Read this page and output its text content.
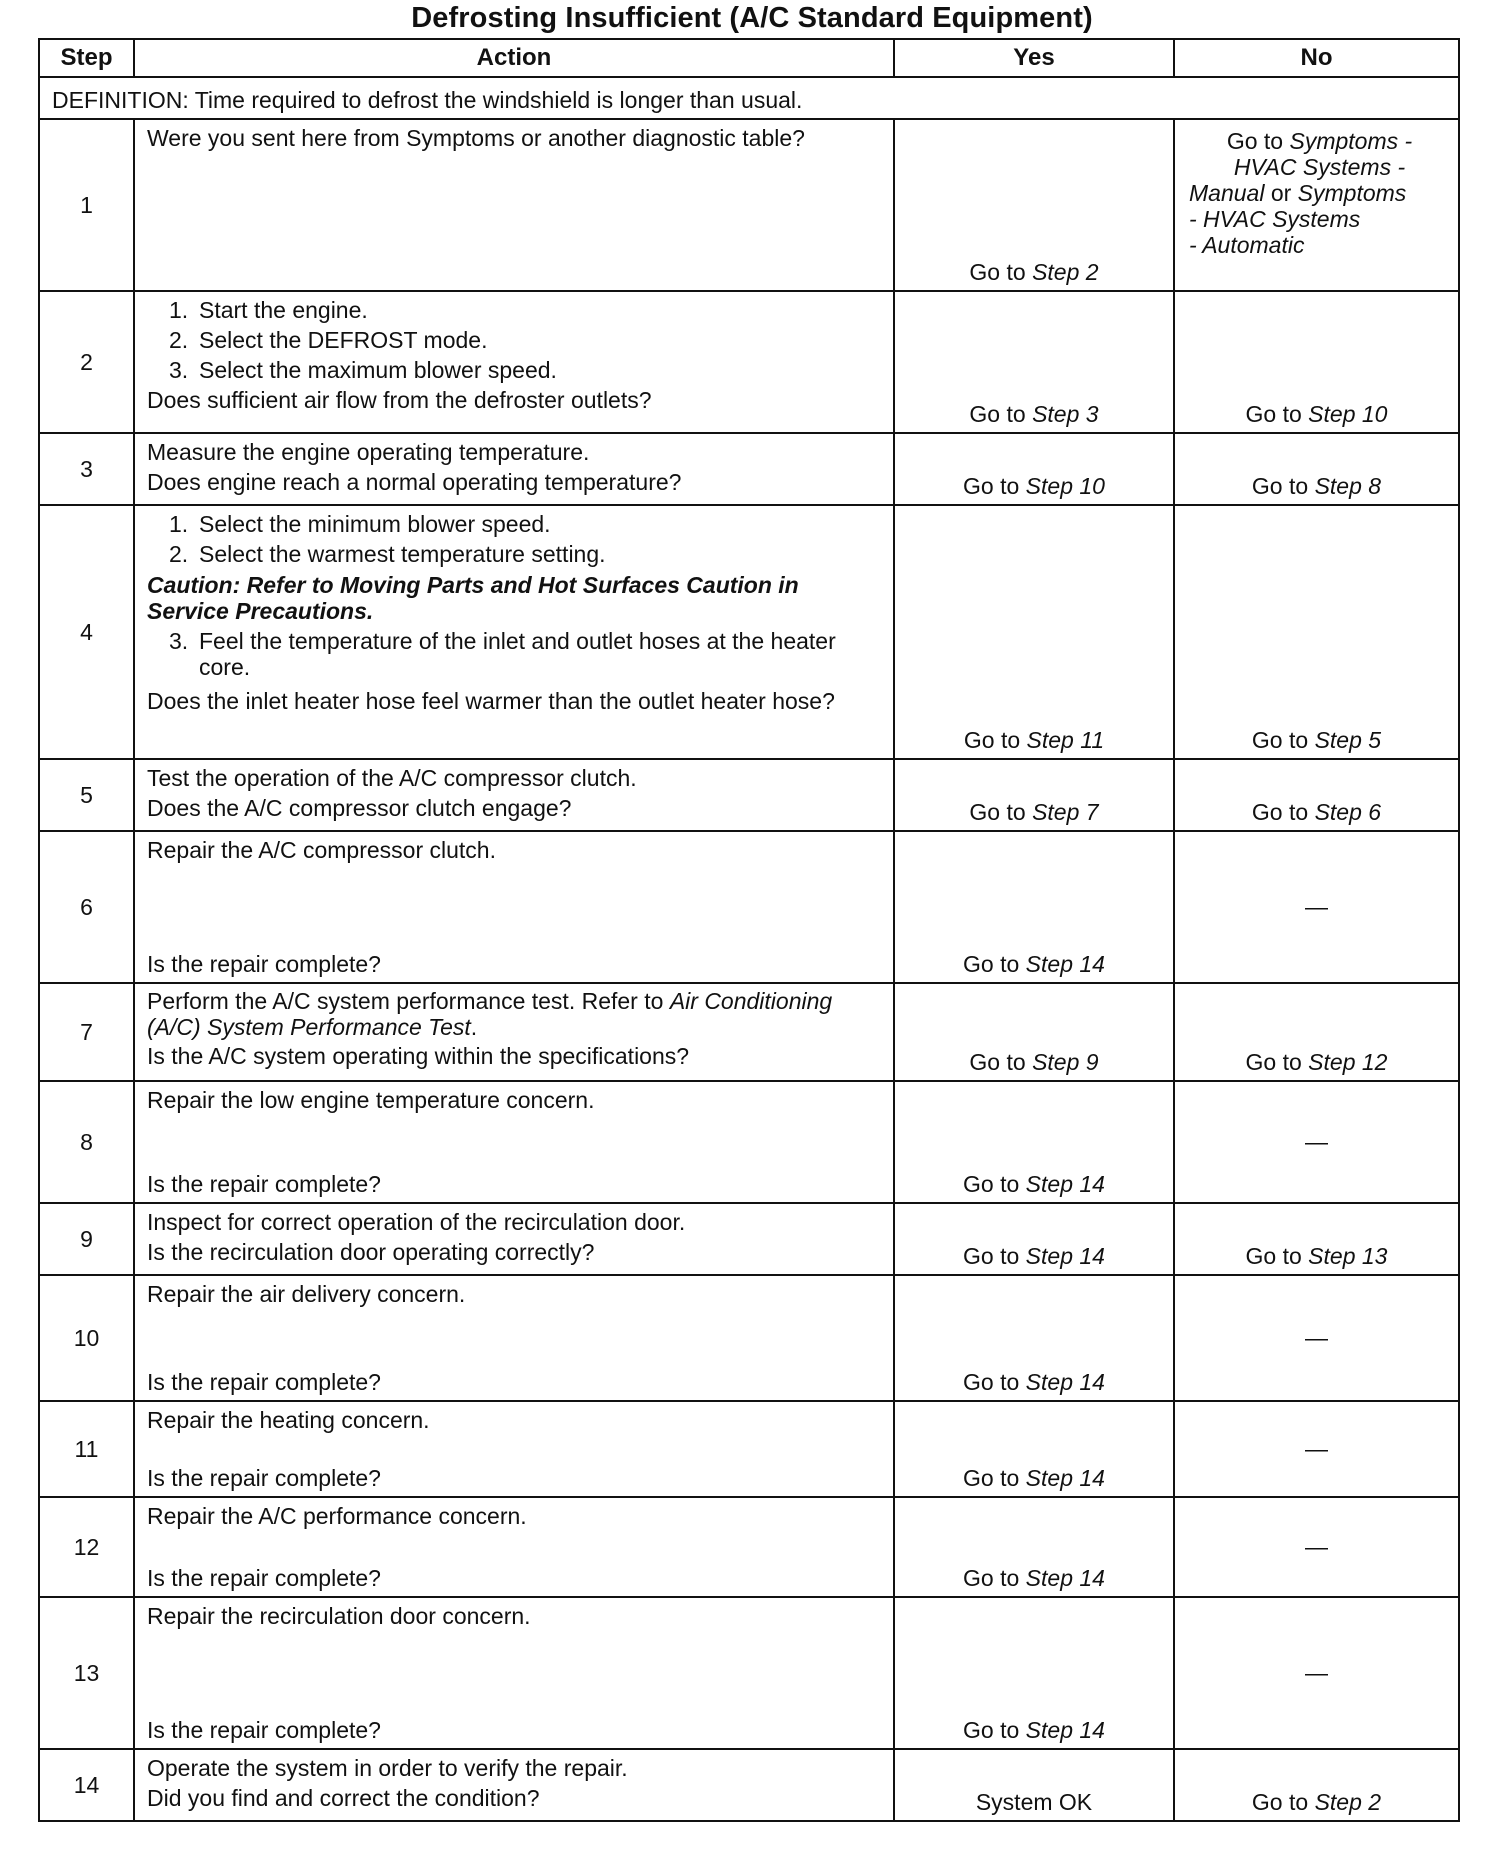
Defrosting Insufficient (A/C Standard Equipment)
Step	Action	Yes	No
DEFINITION: Time required to defrost the windshield is longer than usual.			
1	Were you sent here from Symptoms or another diagnostic table?	Go to Step 2	Go to Symptoms -
HVAC Systems -
Manual or Symptoms
- HVAC Systems
- Automatic

2	1. Start the engine.
2. Select the DEFROST mode.
3. Select the maximum blower speed.
Does sufficient air flow from the defroster outlets?	Go to Step 3	Go to Step 10

3	Measure the engine operating temperature.
Does engine reach a normal operating temperature?	Go to Step 10	Go to Step 8

4	1. Select the minimum blower speed.
2. Select the warmest temperature setting.
Caution: Refer to Moving Parts and Hot Surfaces Caution in Service Precautions.
3. Feel the temperature of the inlet and outlet hoses at the heater core.
Does the inlet heater hose feel warmer than the outlet heater hose?	Go to Step 11	Go to Step 5

5	Test the operation of the A/C compressor clutch.
Does the A/C compressor clutch engage?	Go to Step 7	Go to Step 6

6	Repair the A/C compressor clutch.
Is the repair complete?	Go to Step 14	—

7	Perform the A/C system performance test. Refer to Air Conditioning (A/C) System Performance Test.
Is the A/C system operating within the specifications?	Go to Step 9	Go to Step 12

8	Repair the low engine temperature concern.
Is the repair complete?	Go to Step 14	—

9	Inspect for correct operation of the recirculation door.
Is the recirculation door operating correctly?	Go to Step 14	Go to Step 13

10	Repair the air delivery concern.
Is the repair complete?	Go to Step 14	—

11	Repair the heating concern.
Is the repair complete?	Go to Step 14	—

12	Repair the A/C performance concern.
Is the repair complete?	Go to Step 14	—

13	Repair the recirculation door concern.
Is the repair complete?	Go to Step 14	—

14	Operate the system in order to verify the repair.
Did you find and correct the condition?	System OK	Go to Step 2
